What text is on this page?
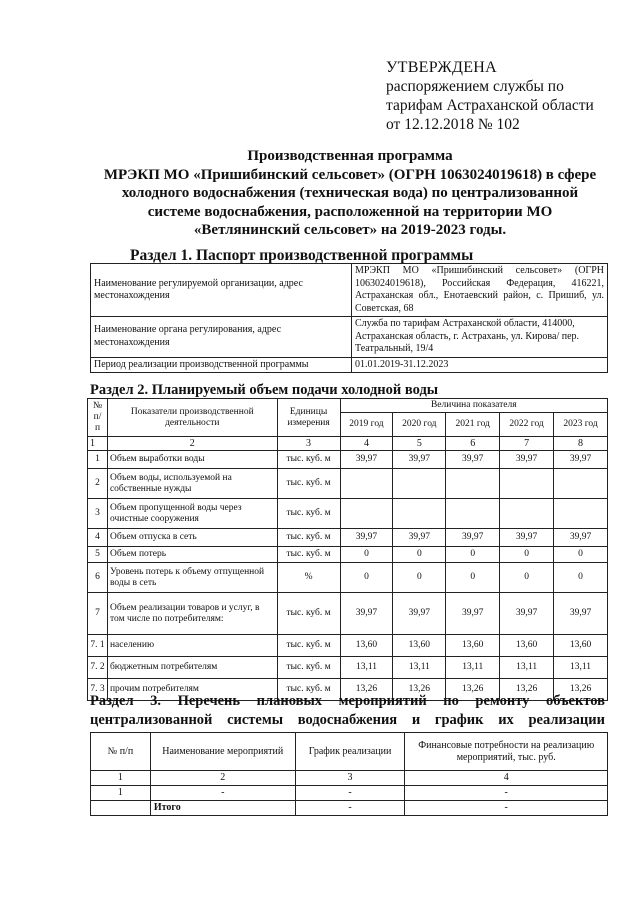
УТВЕРЖДЕНА
распоряжением службы по
тарифам Астраханской области
от 12.12.2018 № 102
Производственная программа
МРЭКП МО «Пришибинский сельсовет» (ОГРН 1063024019618) в сфере
холодного водоснабжения (техническая вода) по централизованной
системе водоснабжения, расположенной на территории МО
«Ветлянинский сельсовет» на 2019-2023 годы.
Раздел 1. Паспорт производственной программы
Наименование регулируемой организации, адрес местонахождения	МРЭКП МО «Пришибинский сельсовет» (ОГРН 1063024019618), Российская Федерация, 416221, Астраханская обл., Енотаевский район, с. Пришиб, ул. Советская, 68
Наименование органа регулирования, адрес местонахождения	Служба по тарифам Астраханской области, 414000, Астраханская область, г. Астрахань, ул. Кирова/ пер. Театральный, 19/4
Период реализации производственной программы	01.01.2019-31.12.2023
Раздел 2. Планируемый объем подачи холодной воды
№ п/ п	Показатели производственной деятельности	Единицы измерения	Величина показателя				
			2019 год	2020 год	2021 год	2022 год	2023 год
1	2	3	4	5	6	7	8
1	Объем выработки воды	тыс. куб. м	39,97	39,97	39,97	39,97	39,97
2	Объем воды, используемой на собственные нужды	тыс. куб. м					
3	Объем пропущенной воды через очистные сооружения	тыс. куб. м					
4	Объем отпуска в сеть	тыс. куб. м	39,97	39,97	39,97	39,97	39,97
5	Объем потерь	тыс. куб. м	0	0	0	0	0
6	Уровень потерь к объему отпущенной воды в сеть	%	0	0	0	0	0
7	Объем реализации товаров и услуг, в том числе по потребителям:	тыс. куб. м	39,97	39,97	39,97	39,97	39,97
7. 1	населению	тыс. куб. м	13,60	13,60	13,60	13,60	13,60
7. 2	бюджетным потребителям	тыс. куб. м	13,11	13,11	13,11	13,11	13,11
7. 3	прочим потребителям	тыс. куб. м	13,26	13,26	13,26	13,26	13,26
Раздел 3. Перечень плановых мероприятий по ремонту объектов централизованной системы водоснабжения и график их реализации
№ п/п	Наименование мероприятий	График реализации	Финансовые потребности на реализацию мероприятий, тыс. руб.
1	2	3	4
1	-	-	-
	Итого	-	-
